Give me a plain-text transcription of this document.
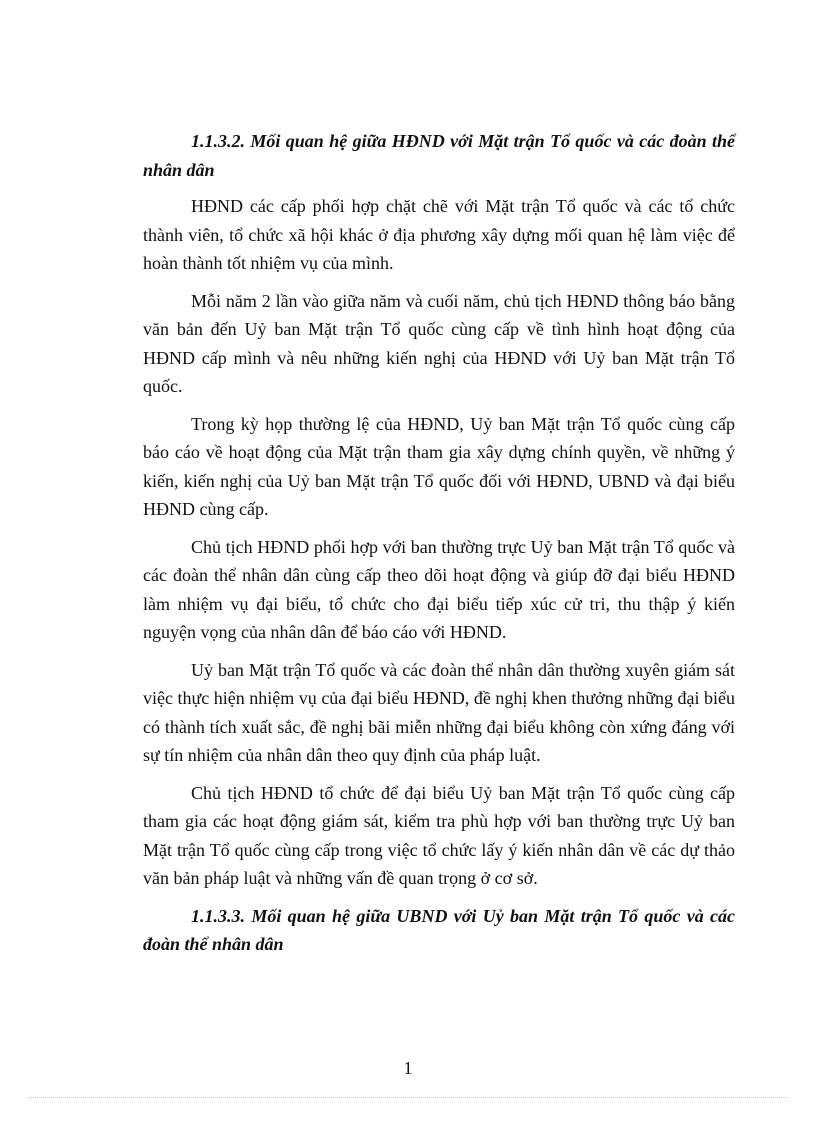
1.1.3.2. Mối quan hệ giữa HĐND với Mặt trận Tổ quốc và các đoàn thể nhân dân

HĐND các cấp phối hợp chặt chẽ với Mặt trận Tổ quốc và các tổ chức thành viên, tổ chức xã hội khác ở địa phương xây dựng mối quan hệ làm việc để hoàn thành tốt nhiệm vụ của mình.

Mỗi năm 2 lần vào giữa năm và cuối năm, chủ tịch HĐND thông báo bằng văn bản đến Uỷ ban Mặt trận Tổ quốc cùng cấp về tình hình hoạt động của HĐND cấp mình và nêu những kiến nghị của HĐND với Uỷ ban Mặt trận Tổ quốc.

Trong kỳ họp thường lệ của HĐND, Uỷ ban Mặt trận Tổ quốc cùng cấp báo cáo về hoạt động của Mặt trận tham gia xây dựng chính quyền, về những ý kiến, kiến nghị của Uỷ ban Mặt trận Tổ quốc đối với HĐND, UBND và đại biểu HĐND cùng cấp.

Chủ tịch HĐND phối hợp với ban thường trực Uỷ ban Mặt trận Tổ quốc và các đoàn thể nhân dân cùng cấp theo dõi hoạt động và giúp đỡ đại biểu HĐND làm nhiệm vụ đại biểu, tổ chức cho đại biểu tiếp xúc cử tri, thu thập ý kiến nguyện vọng của nhân dân để báo cáo với HĐND.

Uỷ ban Mặt trận Tổ quốc và các đoàn thể nhân dân thường xuyên giám sát việc thực hiện nhiệm vụ của đại biểu HĐND, đề nghị khen thưởng những đại biểu có thành tích xuất sắc, đề nghị bãi miễn những đại biểu không còn xứng đáng với sự tín nhiệm của nhân dân theo quy định của pháp luật.

Chủ tịch HĐND tổ chức để đại biểu Uỷ ban Mặt trận Tổ quốc cùng cấp tham gia các hoạt động giám sát, kiểm tra phù hợp với ban thường trực Uỷ ban Mặt trận Tổ quốc cùng cấp trong việc tổ chức lấy ý kiến nhân dân về các dự thảo văn bản pháp luật và những vấn đề quan trọng ở cơ sở.

1.1.3.3. Mối quan hệ giữa UBND với Uỷ ban Mặt trận Tổ quốc và các đoàn thể nhân dân

1
